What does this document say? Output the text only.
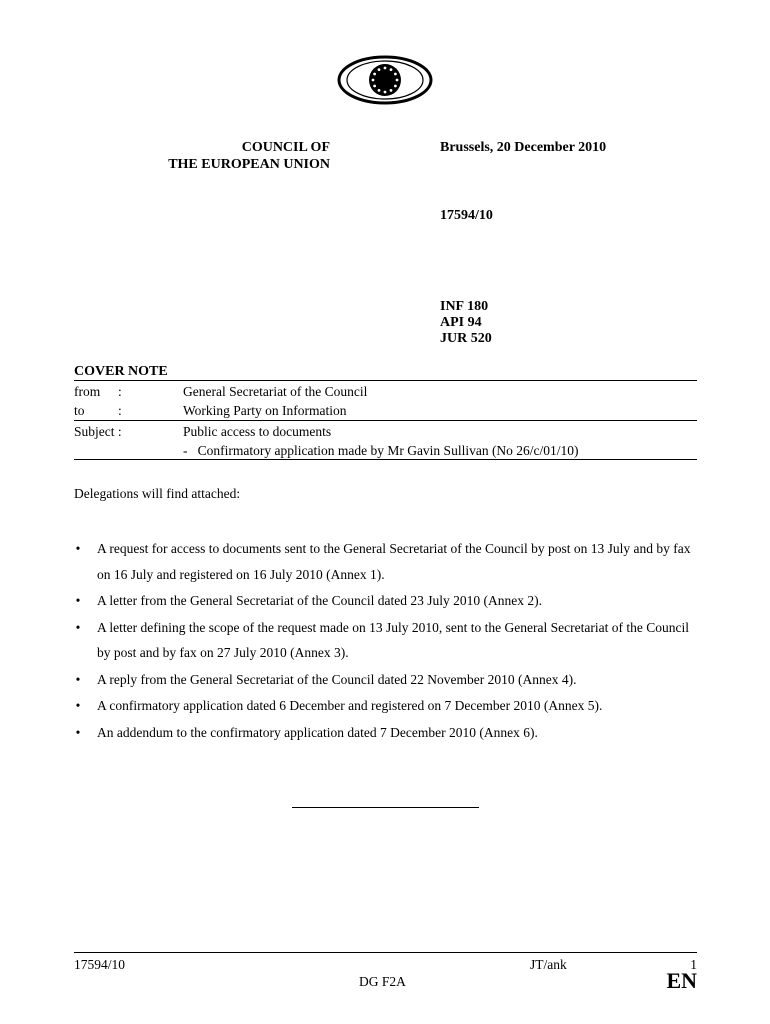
COUNCIL OF
THE EUROPEAN UNION
Brussels, 20 December 2010
17594/10
INF 180
API 94
JUR 520
COVER NOTE
from :	General Secretariat of the Council
to :	Working Party on Information
Subject :	Public access to documents
-   Confirmatory application made by Mr Gavin Sullivan (No 26/c/01/10)
Delegations will find attached:
• A request for access to documents sent to the General Secretariat of the Council by post on 13 July and by fax on 16 July and registered on 16 July 2010 (Annex 1).
• A letter from the General Secretariat of the Council dated 23 July 2010 (Annex 2).
• A letter defining the scope of the request made on 13 July 2010, sent to the General Secretariat of the Council by post and by fax on 27 July 2010 (Annex 3).
• A reply from the General Secretariat of the Council dated 22 November 2010 (Annex 4).
• A confirmatory application dated 6 December and registered on 7 December 2010 (Annex 5).
• An addendum to the confirmatory application dated 7 December 2010 (Annex 6).
17594/10	JT/ank	1
DG F2A	EN
